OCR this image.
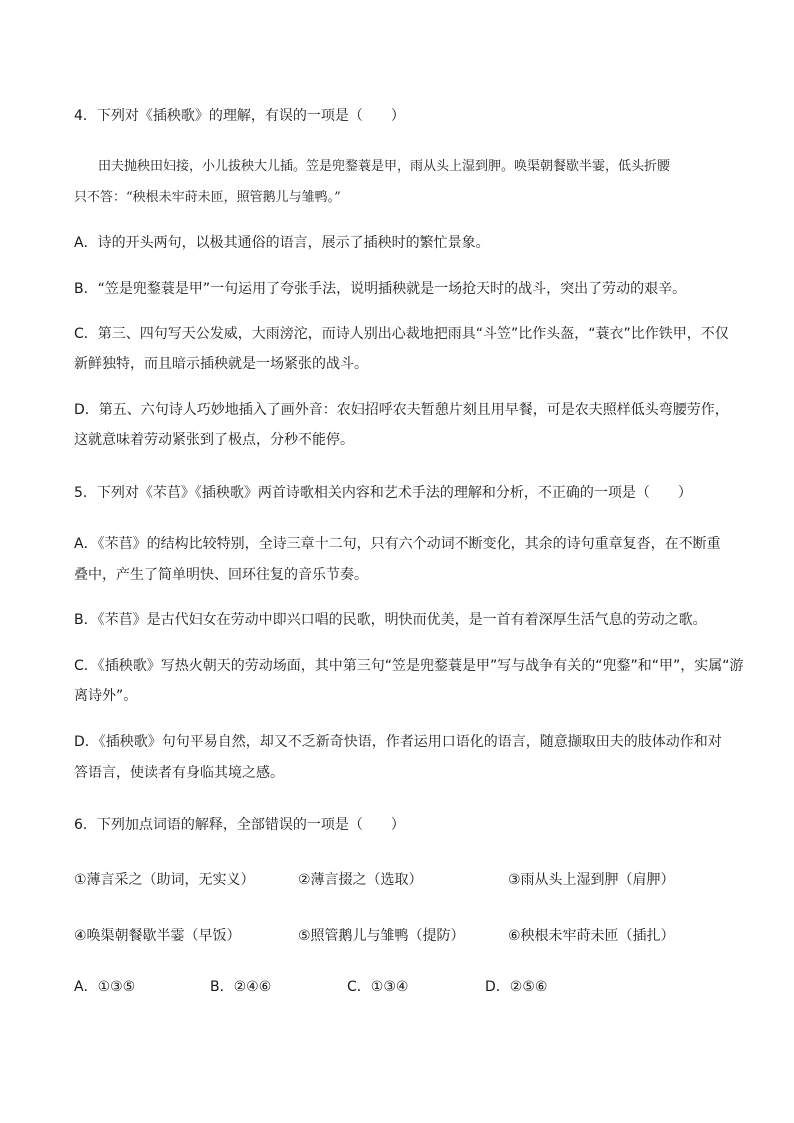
4．下列对《插秧歌》的理解，有误的一项是（　　）
田夫抛秧田妇接，小儿拔秧大儿插。笠是兜鍪蓑是甲，雨从头上湿到胛。唤渠朝餐歇半霎，低头折腰
只不答：“秧根未牢莳未匝，照管鹅儿与雏鸭。”
A．诗的开头两句，以极其通俗的语言，展示了插秧时的繁忙景象。
B．“笠是兜鍪蓑是甲”一句运用了夸张手法，说明插秧就是一场抢天时的战斗，突出了劳动的艰辛。
C．第三、四句写天公发威，大雨滂沱，而诗人别出心裁地把雨具“斗笠”比作头盔，“蓑衣”比作铁甲，不仅
新鲜独特，而且暗示插秧就是一场紧张的战斗。
D．第五、六句诗人巧妙地插入了画外音：农妇招呼农夫暂憩片刻且用早餐，可是农夫照样低头弯腰劳作，
这就意味着劳动紧张到了极点，分秒不能停。
5．下列对《芣苢》《插秧歌》两首诗歌相关内容和艺术手法的理解和分析，不正确的一项是（　　）
A．《芣苢》的结构比较特别，全诗三章十二句，只有六个动词不断变化，其余的诗句重章复沓，在不断重
叠中，产生了简单明快、回环往复的音乐节奏。
B．《芣苢》是古代妇女在劳动中即兴口唱的民歌，明快而优美，是一首有着深厚生活气息的劳动之歌。
C．《插秧歌》写热火朝天的劳动场面，其中第三句“笠是兜鍪蓑是甲”写与战争有关的“兜鍪”和“甲”，实属“游
离诗外”。
D．《插秧歌》句句平易自然，却又不乏新奇快语，作者运用口语化的语言，随意撷取田夫的肢体动作和对
答语言，使读者有身临其境之感。
6．下列加点词语的解释，全部错误的一项是（　　）
①薄言采之（助词，无实义）	②薄言掇之（选取）	③雨从头上湿到胛（肩胛）
④唤渠朝餐歇半霎（早饭）	⑤照管鹅儿与雏鸭（提防）	⑥秧根未牢莳未匝（插扎）
A．①③⑤	B．②④⑥	C．①③④	D．②⑤⑥
